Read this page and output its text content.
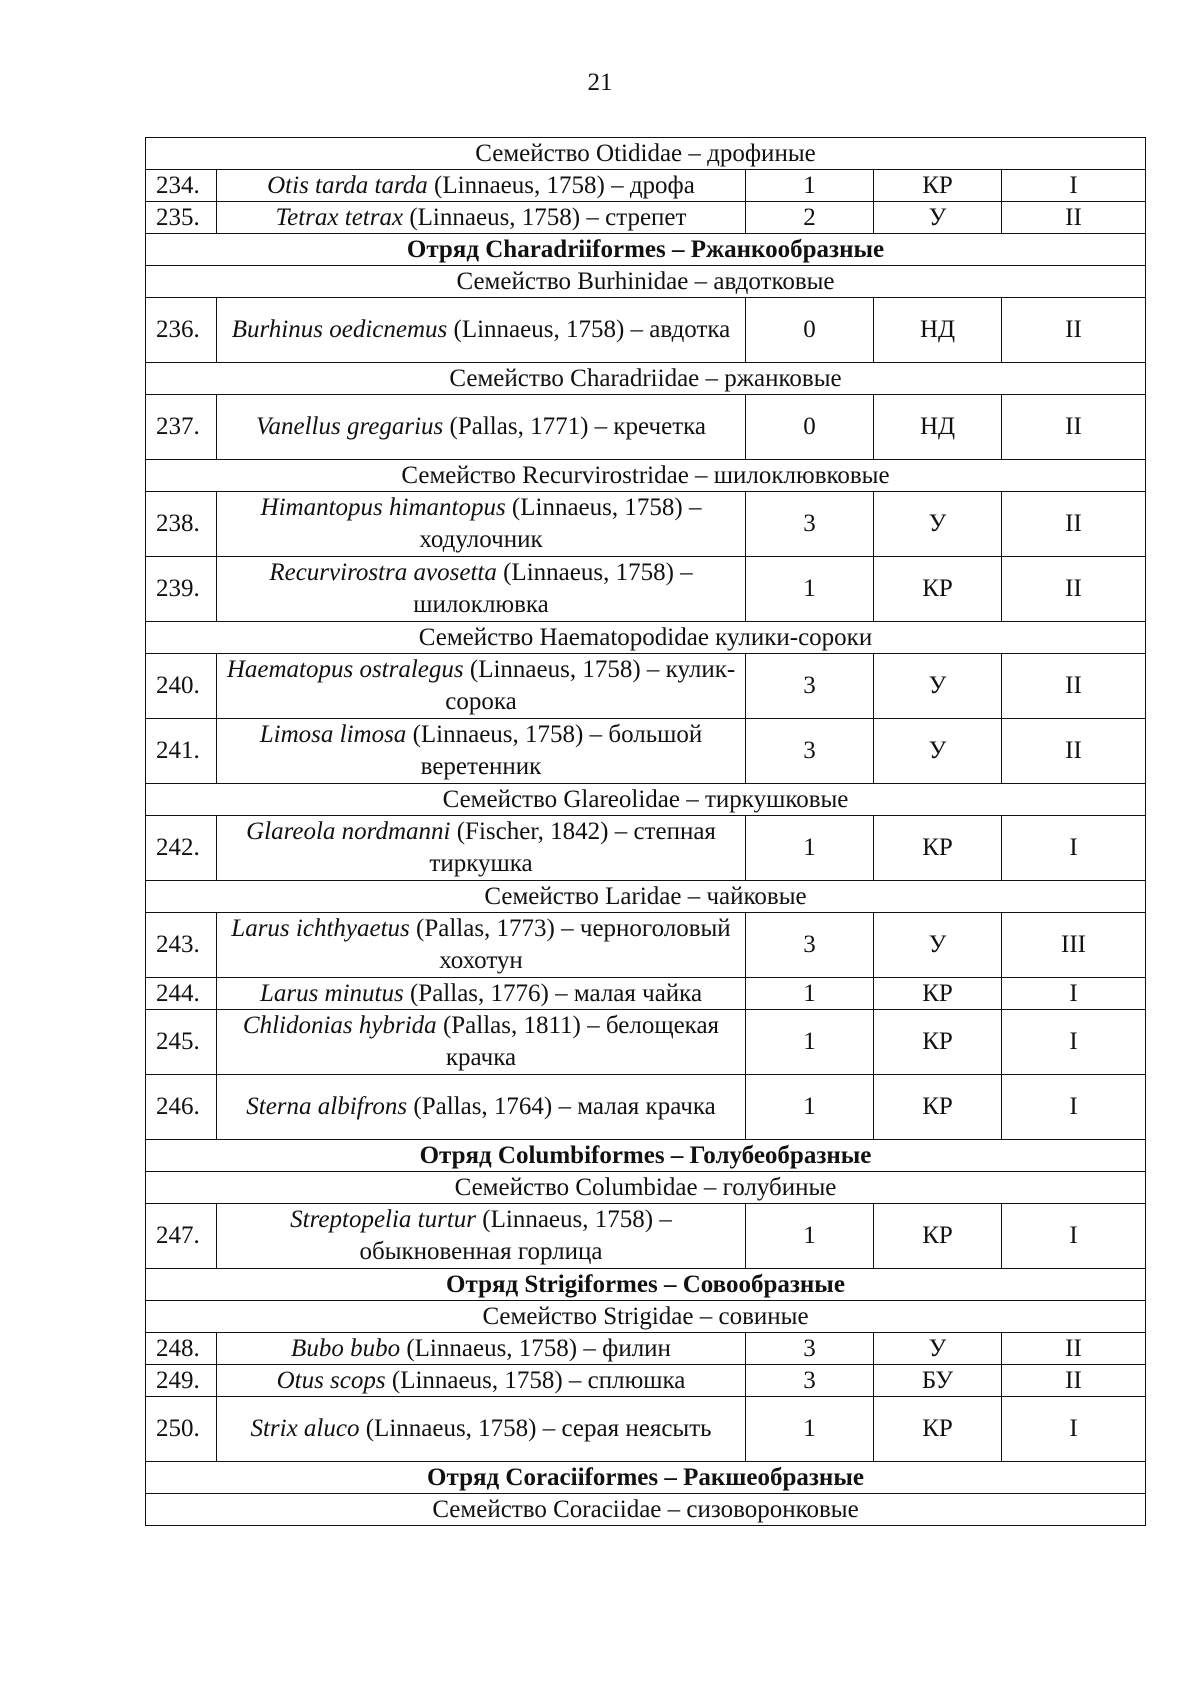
21
Семейство Otididae – дрофиные				
234.	Otis tarda tarda (Linnaeus, 1758) – дрофа	1	КР	I
235.	Tetrax tetrax (Linnaeus, 1758) – стрепет	2	У	II
Отряд Charadriiformes – Ржанкообразные				
Семейство Burhinidae – авдотковые				
236.	Burhinus oedicnemus (Linnaeus, 1758) – авдотка	0	НД	II
Семейство Charadriidae – ржанковые				
237.	Vanellus gregarius (Pallas, 1771) – кречетка	0	НД	II
Семейство Recurvirostridae – шилоклювковые				
238.	Himantopus himantopus (Linnaeus, 1758) – ходулочник	3	У	II
239.	Recurvirostra avosetta (Linnaeus, 1758) – шилоклювка	1	КР	II
Семейство Haematopodidae кулики-сороки				
240.	Haematopus ostralegus (Linnaeus, 1758) – кулик-сорока	3	У	II
241.	Limosa limosa (Linnaeus, 1758) – большой веретенник	3	У	II
Семейство Glareolidae – тиркушковые				
242.	Glareola nordmanni (Fischer, 1842) – степная тиркушка	1	КР	I
Семейство Laridae – чайковые				
243.	Larus ichthyaetus (Pallas, 1773) – черноголовый хохотун	3	У	III
244.	Larus minutus (Pallas, 1776) – малая чайка	1	КР	I
245.	Chlidonias hybrida (Pallas, 1811) – белощекая крачка	1	КР	I
246.	Sterna albifrons (Pallas, 1764) – малая крачка	1	КР	I
Отряд Columbiformes – Голубеобразные				
Семейство Columbidae – голубиные				
247.	Streptopelia turtur (Linnaeus, 1758) – обыкновенная горлица	1	КР	I
Отряд Strigiformes – Совообразные				
Семейство Strigidae – совиные				
248.	Bubo bubo (Linnaeus, 1758) – филин	3	У	II
249.	Otus scops (Linnaeus, 1758) – сплюшка	3	БУ	II
250.	Strix aluco (Linnaeus, 1758) – серая неясыть	1	КР	I
Отряд Coraciiformes – Ракшеобразные				
Семейство Coraciidae – сизоворонковые				
